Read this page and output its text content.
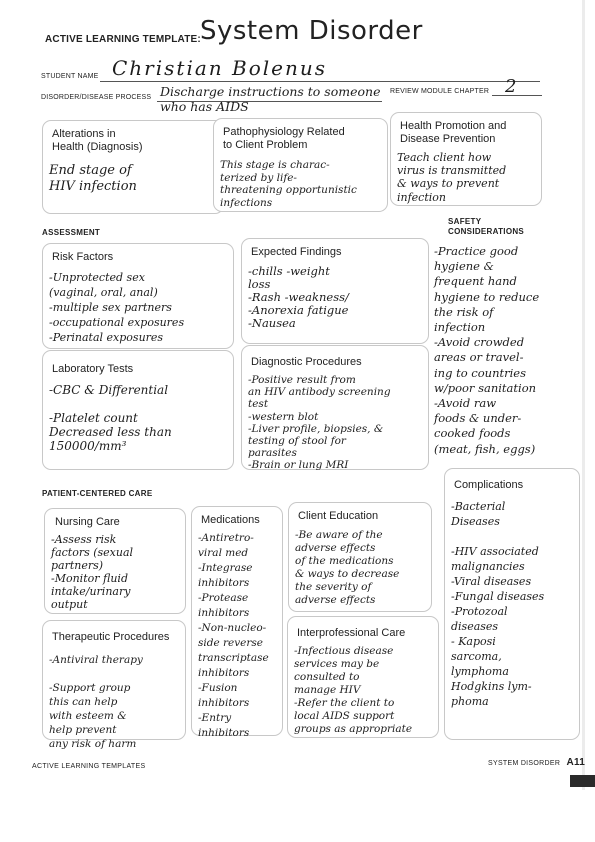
ACTIVE LEARNING TEMPLATE: System Disorder
STUDENT NAME Christian Bolenus
DISORDER/DISEASE PROCESS Discharge instructions to someone who has AIDS
REVIEW MODULE CHAPTER 2
Alterations in
Health (Diagnosis)
End stage of
HIV infection
Pathophysiology Related
to Client Problem
This stage is charac-
terized by life-
threatening opportunistic
infections
Health Promotion and
Disease Prevention
Teach client how
virus is transmitted
& ways to prevent
infection
ASSESSMENT
SAFETY
CONSIDERATIONS
PATIENT-CENTERED CARE
Risk Factors
-Unprotected sex
(vaginal, oral, anal)
-multiple sex partners
-occupational exposures
-Perinatal exposures
Expected Findings
-chills -weight
loss
-Rash -weakness/
-Anorexia fatigue
-Nausea
-Practice good
hygiene &
frequent hand
hygiene to reduce
the risk of
infection
-Avoid crowded
areas or travel-
ing to countries
w/poor sanitation
-Avoid raw
foods & under-
cooked foods
(meat, fish, eggs)
Laboratory Tests
-CBC & Differential

-Platelet count
Decreased less than
150000/mm³
Diagnostic Procedures
-Positive result from
an HIV antibody screening
test
-western blot
-Liver profile, biopsies, &
testing of stool for
parasites
-Brain or lung MRI
Complications
-Bacterial
Diseases

-HIV associated
malignancies
-Viral diseases
-Fungal diseases
-Protozoal
diseases
- Kaposi
sarcoma,
lymphoma
Hodgkins lym-
phoma
Nursing Care
-Assess risk
factors (sexual
partners)
-Monitor fluid
intake/urinary
output
Medications
-Antiretro-
viral med
-Integrase
inhibitors
-Protease
inhibitors
-Non-nucleo-
side reverse
transcriptase
inhibitors
-Fusion
inhibitors
-Entry
inhibitors
Client Education
-Be aware of the
adverse effects
of the medications
& ways to decrease
the severity of
adverse effects
Therapeutic Procedures
-Antiviral therapy

-Support group
this can help
with esteem &
help prevent
any risk of harm
Interprofessional Care
-Infectious disease
services may be
consulted to
manage HIV
-Refer the client to
local AIDS support
groups as appropriate
ACTIVE LEARNING TEMPLATES	SYSTEM DISORDER A11
